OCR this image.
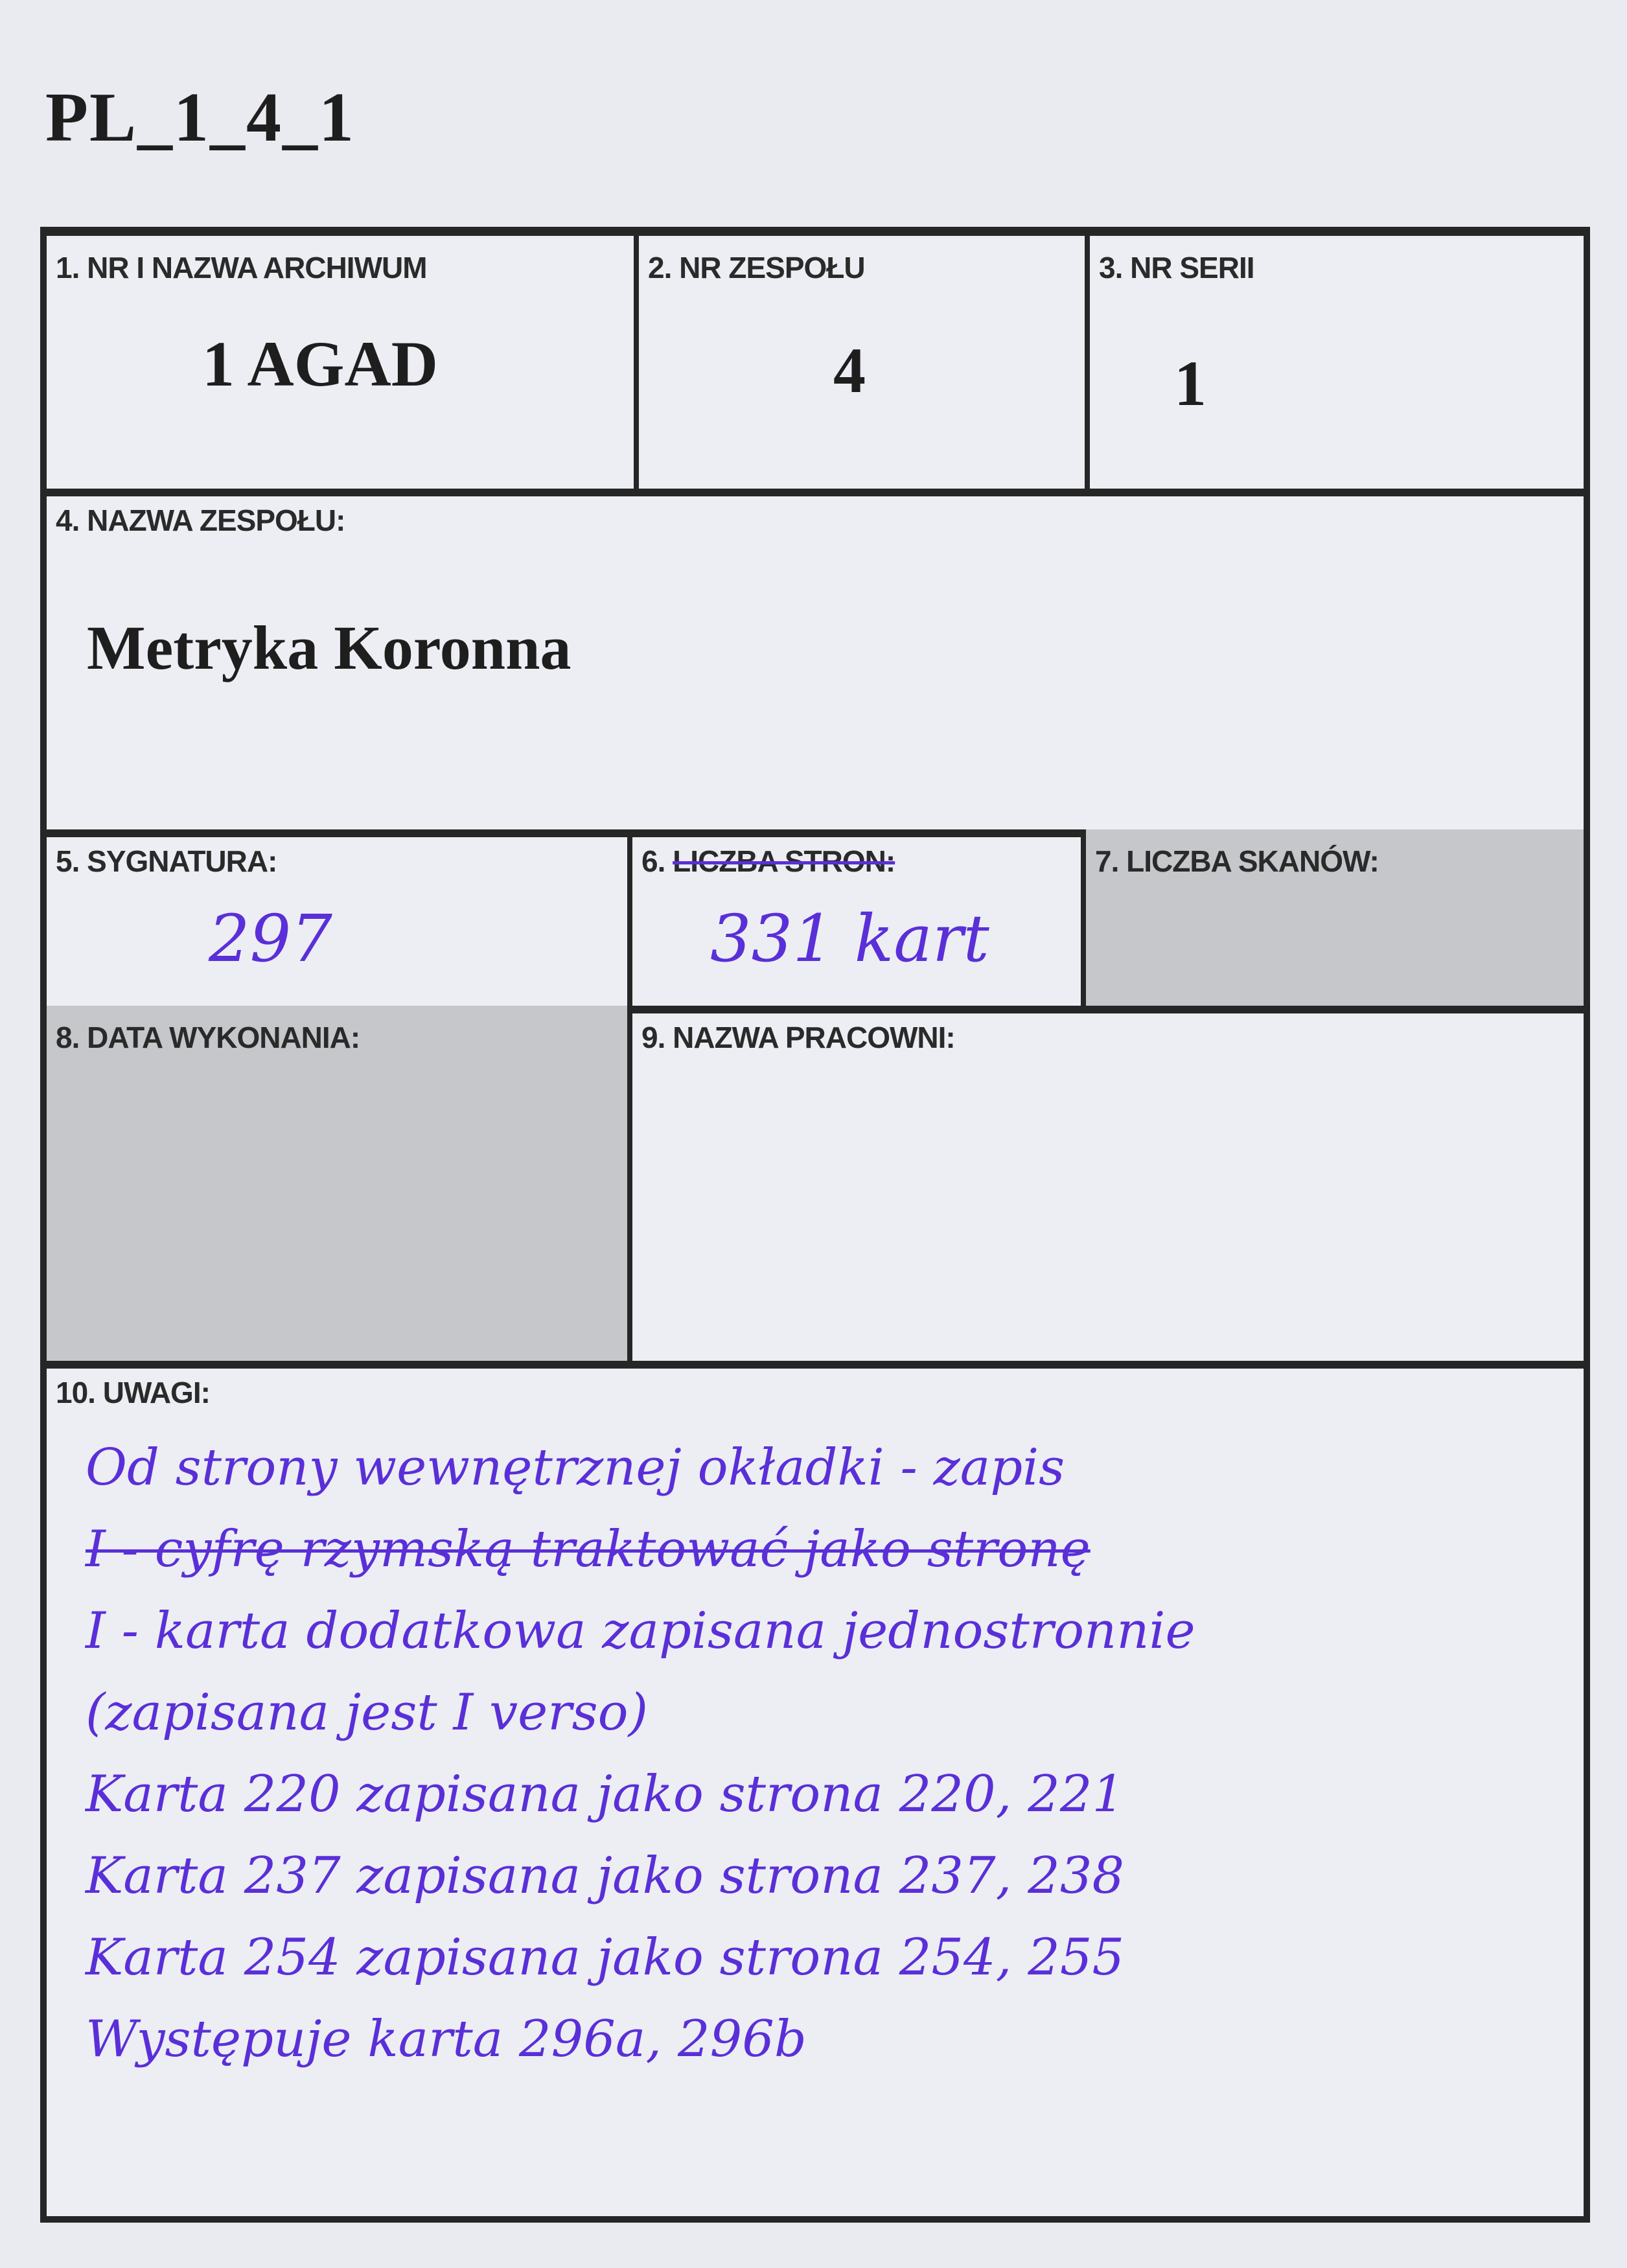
PL_1_4_1
1. NR I NAZWA ARCHIWUM
1 AGAD
2. NR ZESPOŁU
4
3. NR SERII
1
4. NAZWA ZESPOŁU:
Metryka Koronna
5. SYGNATURA:
297
6. LICZBA STRON:
331 kart
7. LICZBA SKANÓW:
8. DATA WYKONANIA:	9. NAZWA PRACOWNI:
10. UWAGI:
Od strony wewnętrznej okładki - zapis
I - cyfrę rzymską traktować jako stronę
I - karta dodatkowa zapisana jednostronnie
(zapisana jest I verso)
Karta 220 zapisana jako strona 220, 221
Karta 237 zapisana jako strona 237, 238
Karta 254 zapisana jako strona 254, 255
Występuje karta 296a, 296b
